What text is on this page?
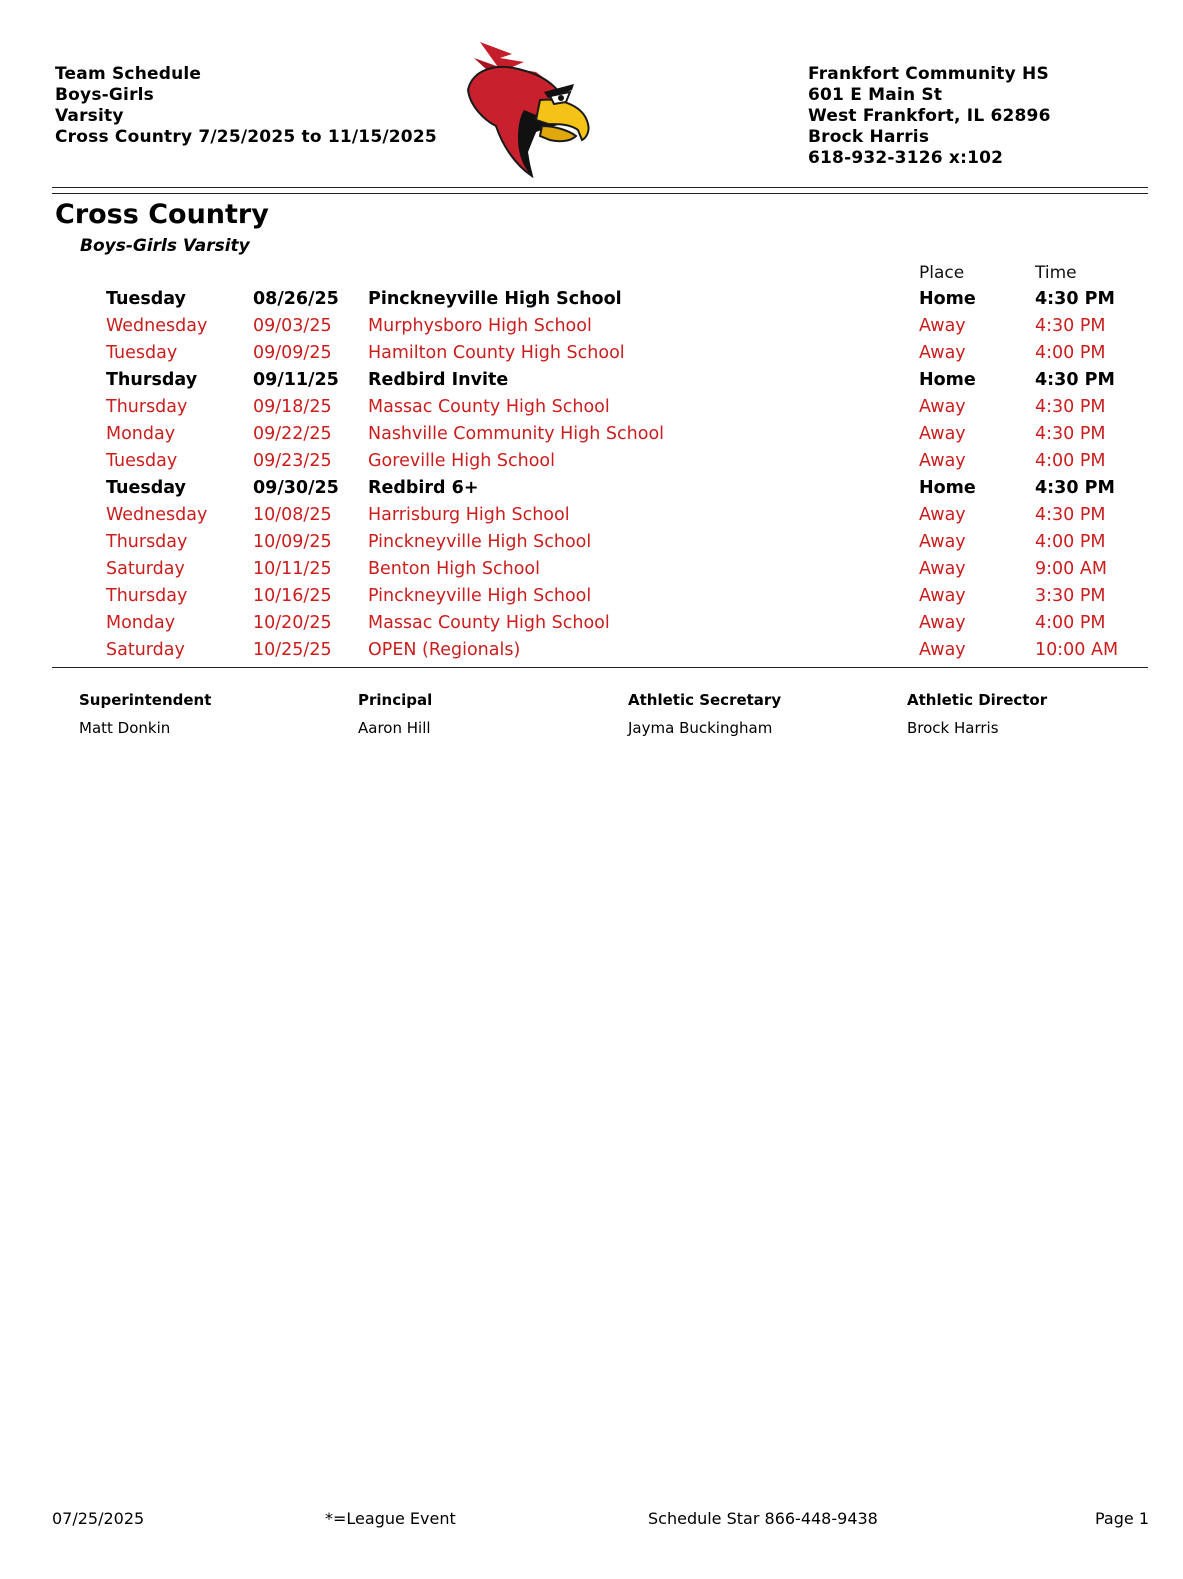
Team Schedule
Boys-Girls
Varsity
Cross Country 7/25/2025 to 11/15/2025
Frankfort Community HS
601 E Main St
West Frankfort, IL 62896
Brock Harris
618-932-3126 x:102
Cross Country
Boys-Girls Varsity
Place	Time
Tuesday	08/26/25 Pinckneyville High School	Home	4:30 PM
Wednesday	09/03/25 Murphysboro High School	Away	4:30 PM
Tuesday	09/09/25 Hamilton County High School	Away	4:00 PM
Thursday	09/11/25 Redbird Invite	Home	4:30 PM
Thursday	09/18/25 Massac County High School	Away	4:30 PM
Monday	09/22/25 Nashville Community High School	Away	4:30 PM
Tuesday	09/23/25 Goreville High School	Away	4:00 PM
Tuesday	09/30/25 Redbird 6+	Home	4:30 PM
Wednesday	10/08/25 Harrisburg High School	Away	4:30 PM
Thursday	10/09/25 Pinckneyville High School	Away	4:00 PM
Saturday	10/11/25 Benton High School	Away	9:00 AM
Thursday	10/16/25 Pinckneyville High School	Away	3:30 PM
Monday	10/20/25 Massac County High School	Away	4:00 PM
Saturday	10/25/25 OPEN (Regionals)	Away	10:00 AM
Superintendent
Matt Donkin
Principal
Aaron Hill
Athletic Secretary
Jayma Buckingham
Athletic Director
Brock Harris
07/25/2025	*=League Event	Schedule Star 866-448-9438	Page 1
